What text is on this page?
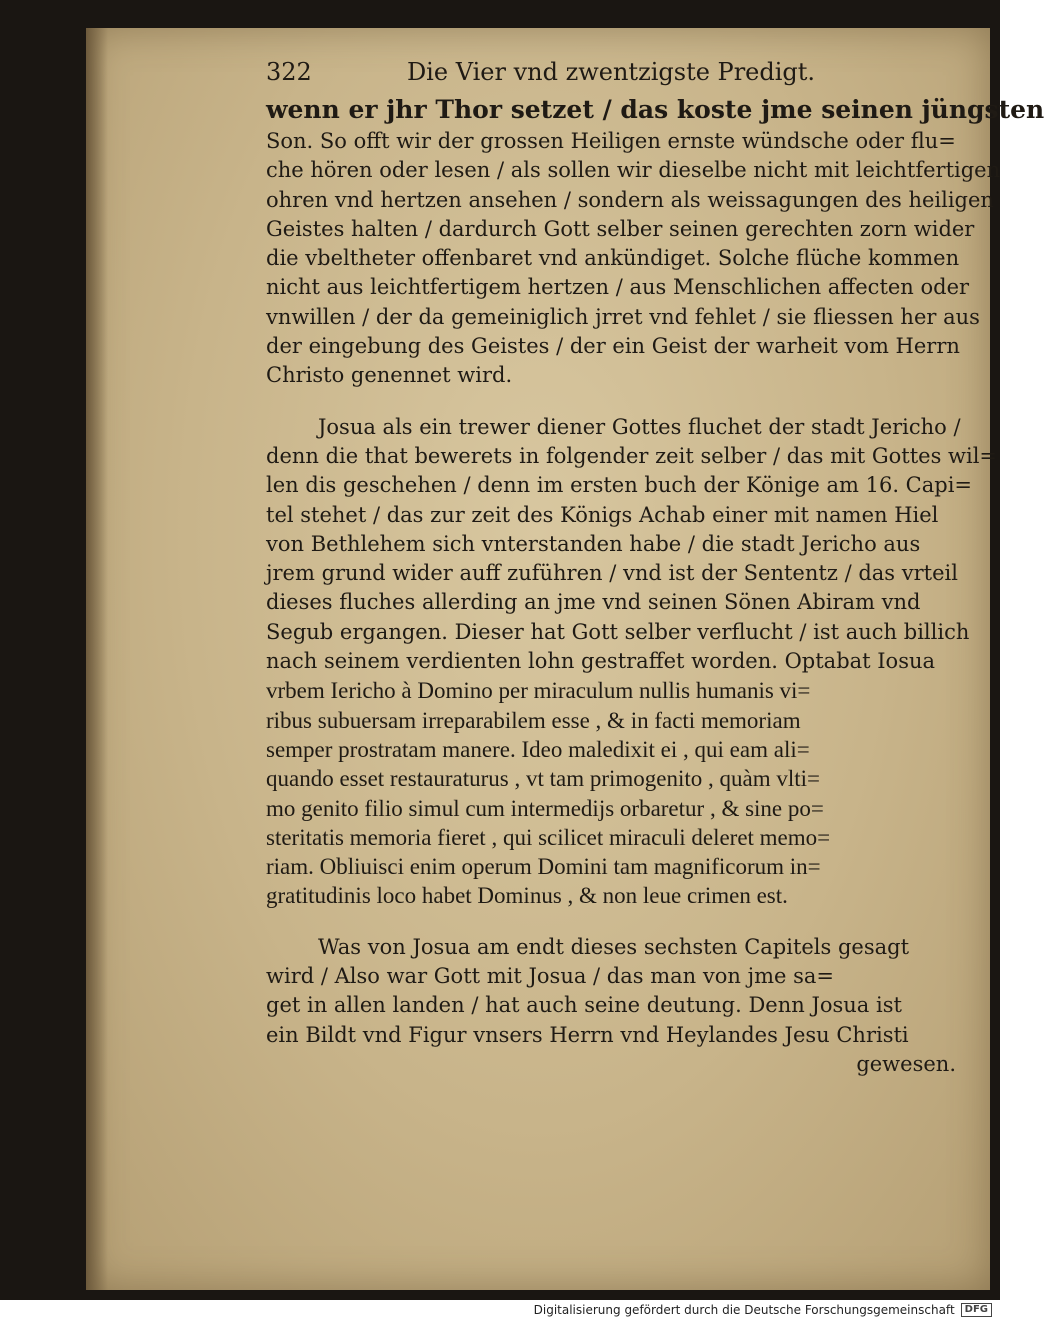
322	Die Vier vnd zwentzigste Predigt.
wenn er jhr Thor setzet / das koste jme seinen jüngsten
Son. So offt wir der grossen Heiligen ernste wündsche oder flu=
che hören oder lesen / als sollen wir dieselbe nicht mit leichtfertigen
ohren vnd hertzen ansehen / sondern als weissagungen des heiligen
Geistes halten / dardurch Gott selber seinen gerechten zorn wider
die vbeltheter offenbaret vnd ankündiget. Solche flüche kommen
nicht aus leichtfertigem hertzen / aus Menschlichen affecten oder
vnwillen / der da gemeiniglich jrret vnd fehlet / sie fliessen her aus
der eingebung des Geistes / der ein Geist der warheit vom Herrn
Christo genennet wird.
Josua als ein trewer diener Gottes fluchet der stadt Jericho /
denn die that bewerets in folgender zeit selber / das mit Gottes wil=
len dis geschehen / denn im ersten buch der Könige am 16. Capi=
tel stehet / das zur zeit des Königs Achab einer mit namen Hiel
von Bethlehem sich vnterstanden habe / die stadt Jericho aus
jrem grund wider auff zuführen / vnd ist der Sententz / das vrteil
dieses fluches allerding an jme vnd seinen Sönen Abiram vnd
Segub ergangen. Dieser hat Gott selber verflucht / ist auch billich
nach seinem verdienten lohn gestraffet worden. Optabat Iosua
vrbem Iericho à Domino per miraculum nullis humanis vi=
ribus subuersam irreparabilem esse , & in facti memoriam
semper prostratam manere. Ideo maledixit ei , qui eam ali=
quando esset restauraturus , vt tam primogenito , quàm vlti=
mo genito filio simul cum intermedijs orbaretur , & sine po=
steritatis memoria fieret , qui scilicet miraculi deleret memo=
riam. Obliuisci enim operum Domini tam magnificorum in=
gratitudinis loco habet Dominus , & non leue crimen est.
Was von Josua am endt dieses sechsten Capitels gesagt
wird / Also war Gott mit Josua / das man von jme sa=
get in allen landen / hat auch seine deutung. Denn Josua ist
ein Bildt vnd Figur vnsers Herrn vnd Heylandes Jesu Christi
gewesen.
Digitalisierung gefördert durch die Deutsche Forschungsgemeinschaft	DFG
